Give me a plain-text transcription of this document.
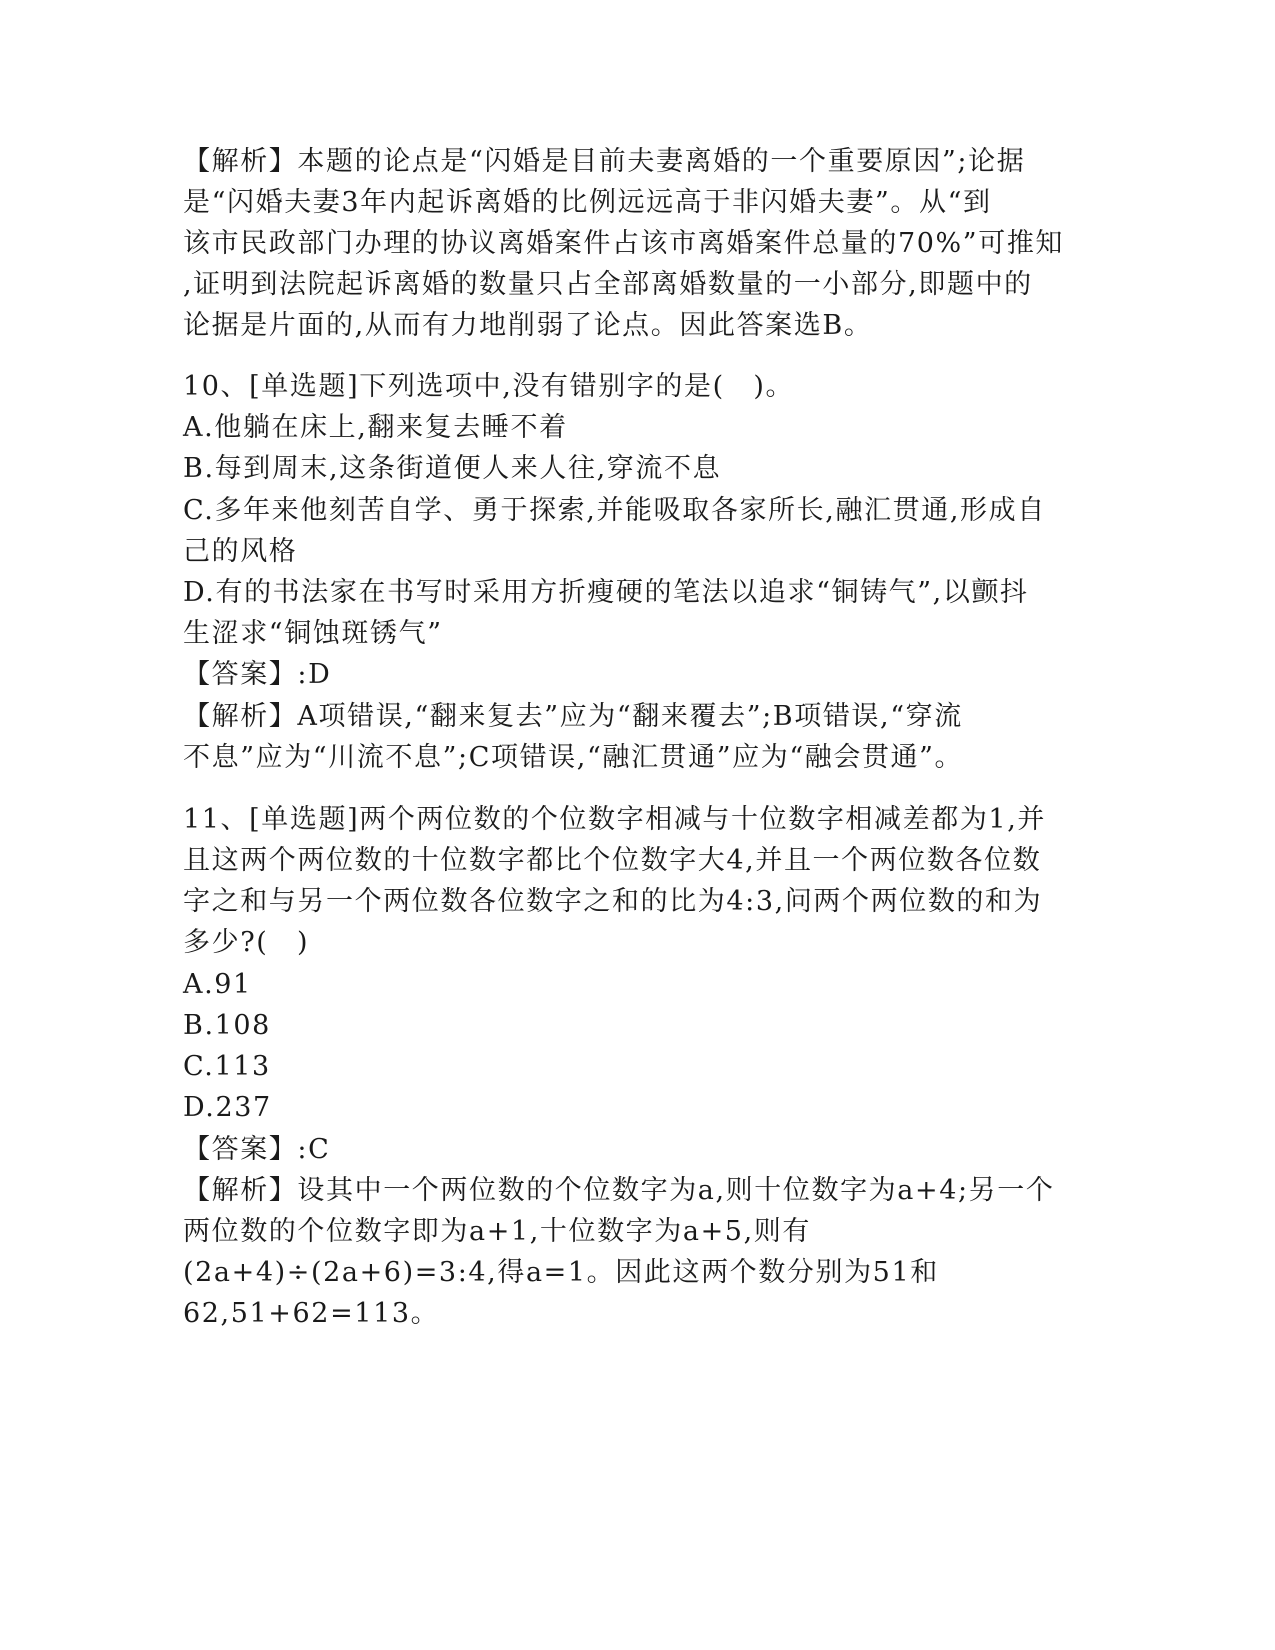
【解析】本题的论点是“闪婚是目前夫妻离婚的一个重要原因”;论据
是“闪婚夫妻3年内起诉离婚的比例远远高于非闪婚夫妻”。从“到
该市民政部门办理的协议离婚案件占该市离婚案件总量的70%”可推知
,证明到法院起诉离婚的数量只占全部离婚数量的一小部分,即题中的
论据是片面的,从而有力地削弱了论点。因此答案选B。
10、[单选题]下列选项中,没有错别字的是(　)。
A.他躺在床上,翻来复去睡不着
B.每到周末,这条街道便人来人往,穿流不息
C.多年来他刻苦自学、勇于探索,并能吸取各家所长,融汇贯通,形成自
己的风格
D.有的书法家在书写时采用方折瘦硬的笔法以追求“铜铸气”,以颤抖
生涩求“铜蚀斑锈气”
【答案】:D
【解析】A项错误,“翻来复去”应为“翻来覆去”;B项错误,“穿流
不息”应为“川流不息”;C项错误,“融汇贯通”应为“融会贯通”。
11、[单选题]两个两位数的个位数字相减与十位数字相减差都为1,并
且这两个两位数的十位数字都比个位数字大4,并且一个两位数各位数
字之和与另一个两位数各位数字之和的比为4:3,问两个两位数的和为
多少?(　)
A.91
B.108
C.113
D.237
【答案】:C
【解析】设其中一个两位数的个位数字为a,则十位数字为a+4;另一个
两位数的个位数字即为a+1,十位数字为a+5,则有
(2a+4)÷(2a+6)=3:4,得a=1。因此这两个数分别为51和
62,51+62=113。
